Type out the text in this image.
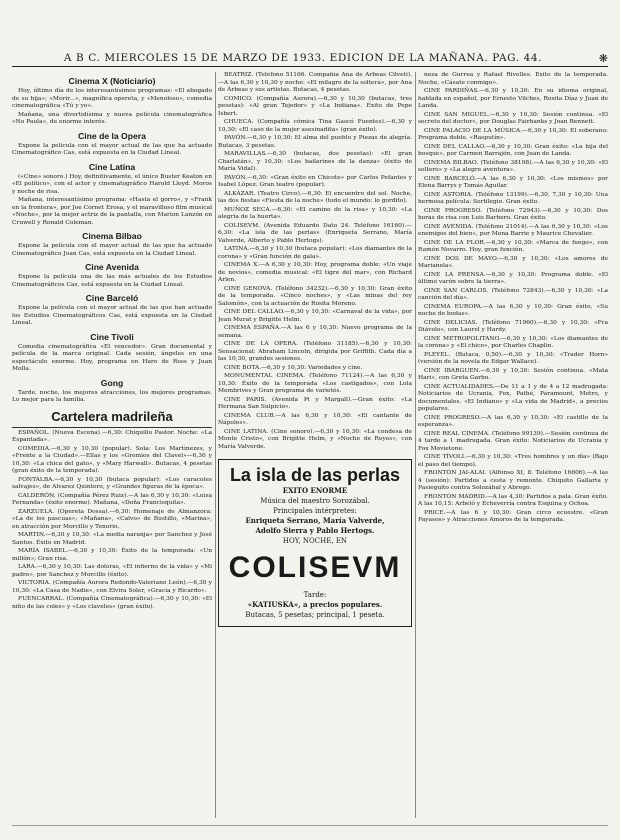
A B C. MIERCOLES 15 DE MARZO DE 1933. EDICION DE LA MAÑANA. PAG. 44.	❋
Cinema X (Noticiario)

Hoy, último día de los interesantísimos programas: «El abogado de su hija»; «Morir...», magnífica opereta, y «Menoloso», comedia cinematográfica «Tú y yo».

Mañana, una divertidísima y nueva película cinematográfica «No Paula», de enorme interés.

Cine de la Opera

Expone la película con el mayor actual de las que ha actuado Cinematográfico Cas, está expuesta en la Ciudad Lineal.

Cine Latina

(«Cine» sonoro.) Hoy, definitivamente, el único Buster Keaton en «El político», con el actor y cinematográfico Harold Lloyd. Moros y noche de risa.

Mañana, interesantísimo programa: «Hasta el gorro», y «Frank en la frontera», por Joe Cornet Erosa, y el maravilloso film musical «Noche», por la mejor actriz de la pantalla, con Marion Lanzón en Cruwell y Ronald Coleman.

Cinema Bilbao

Expone la película con el mayor actual de las que ha actuado Cinematográfico Joan Cas, está expuesta en la Ciudad Lineal.

Cine Avenida

Expone la película una de las más actuales de los Estudios Cinematográficos Cas, está expuesta en la Ciudad Lineal.

Cine Barceló

Expone la película con el mayor actual de las que han actuado los Estudios Cinematográficos Cas, está expuesta en la Ciudad Lineal.

Cine Tívoli

Comedia cinematográfica «El vencedor». Gran documental y película de la marca original. Cada sesión, ángeles en una espectáculo enorme. Hoy, programa en Haro de Ross y Juan Molla.

Gong

Tarde, noche, los mejores atracciones, los mejores programas. Lo mejor para la familia.

Cartelera madrileña

ESPAÑOL. (Nueva Escena).—6,30: Chiquillo Pastor. Noche: «La Espantada».

COMEDIA.—6,30 y 10,30 (popular). Sola: Los Martinezes, y «Frente a la Ciudad».—Ellas y los «Gremios del Clavel»—6,30 y 10,30: «La chica del gato», y «Mary Harwall». Butacas, 4 pesetas (gran éxito de la temporada).

FONTALBA.—6,30 y 10,30 (butaca popular): «Los caracoles salvajes», de Alvarez Quintero, y «Grandes figuras de la época».

CALDERÓN. (Compañía Pérez Ruiz).—A las 6,30 y 10,30: «Luisa Fernanda» (éxito enorme). Mañana, «Doña Francisquita».

ZARZUELA. (Opereta Dossa).—6,30: Homenaje de Almanzora: «La de los pascuas»; «Mañana», «Calvo» de Bustillo, «Marina», en atracción por Morcillo y Tenorio.

MARTIN.—6,30 y 10,30: «La media naranja» por Sanchez y José Santos. Éxito en Madrid.

MARÍA ISABEL.—6,30 y 10,30: Éxito de la temporada: «Un millón»; Gran risa.

LARA.—6,30 y 10,30: Las doloras, «El infierno de la vida» y «Mi padre», por Sanchez y Morcillo (éxito).

VICTORIA. (Compañía Aurora Redondo-Valeriano León).—6,30 y 10,30: «La Casa de Nadie», con Elvira Soler, «Gracia y Ricardo».

FUENCARRAL. (Compañía Cinematográfica).—6,30 y 10,30: «El niño de las coles» y «Los claveles» (gran éxito).

BEATRIZ. (Teléfono 51166. Compañía Ana de Árbeas Cilveti).—A las 6,30 y 10,30 y noche: «El milagro de la soltera», por Ana de Árbeas y sus artistas. Butacas, 4 pesetas.

COMICO. (Compañía Aurora).—6,30 y 10,30 (butacas, tres pesetas): «Al gran Tejedor» y «La Indiana». Éxito de Pepe Isbert.

CHUECA. (Compañía cómica Tina Gascó Fuentes).—6,30 y 10,30: «El caso de la mujer asesinadita» (gran éxito).

PAVÓN.—6,30 y 10,30: El alma del pueblo y Piezas de alegría. Butacas, 3 pesetas.

MARAVILLAS.—6,30 (butacas, dos pesetas): «El gran Charlatán», y 10,30: «Los bailarines de la danza» (éxito de María Vidal).

PAVÓN.—6,30: «Gran éxito en Chicote» por Carlos Pefantes y Isabel López. Gran teatro (popular).

ALKÁZAR. (Teatro Circo).—6,30: El encuentro del sol. Noche, las dos fiestas «Fiesta de la noche» (todo el mundo: lo gordito).

MUÑOZ SECA.—6,30: «El camino de la risa» y 10,30: «La alegría de la huerta».

COLISEVM. (Avenida Eduardo Dato 24. Teléfono 16160).—6,30: «La isla de las perlas» (Enriqueta Serrano, María Valverde, Alberto y Pablo Hertogs).

LATINA.—6,30 y 10,30 (butaca popular): «Los diamantes de la corona» y «Gran función de gala».

CINEMA X.—A 6,30 y 10,30: Hoy, programa doble: «Un viaje de novios», comedia musical: «El tigre del mar», con Richard Arlen.

CINE GENOVA. (Teléfono 34232).—6,30 y 10,30: Gran éxito de la temporada. «Cinco noches», y «Las minas del rey Salomón», con la actuación de Rosita Moreno.

CINE DEL CALLAO.—6,30 y 10,30: «Carnaval de la vida», por Jean Murat y Brigitte Helm.

CINEMA ESPAÑA.—A las 6 y 10,30: Nuevo programa de la semana.

CINE DE LA OPERA. (Teléfono 31185).—6,30 y 10,30: Sensacional: Abraham Lincoln, dirigida por Griffith. Cada día a las 10,30, grandes sesiones.

CINE BOTA.—6,30 y 10,30: Variedades y cine.

MONUMENTAL CINEMA. (Teléfono 71124).—A las 6,30 y 10,30: Éxito de la temporada «Los castigados», con Lola Membrives y Gran programa de varietés.

CINE PARIS. (Avenida Pi y Margall).—Gran éxito: «La Hermana San Sulpicio».

CINEMA CLUB.—A las 6,30 y 10,30: «El cantante de Nápoles».

CINE LATINA. (Cine sonoro).—6,30 y 10,30: «La condesa de Monte Cristo», con Brigitte Helm, y «Noche de Reyes», con María Valverde.

La isla de las perlas
EXITO ENORME
Música del maestro Sorozábal.
Principales intérpretes:
Enriqueta Serrano, María Valverde,
Adolfo Sierra y Pablo Hertogs.
HOY, NOCHE, EN
COLISEVM
Tarde:
«KATIUSKA», a precios populares.
Butacas, 5 pesetas; principal, 1 peseta.

neza de Gurrea y Rafael Rivelles. Éxito de la temporada. Noche, «Cásate conmigo».

CINE PARDIÑAS.—6,30 y 10,30: En su idioma original, hablada en español, por Ernesto Vilches, Rosita Díaz y Juan de Landa.

CINE SAN MIGUEL.—6,30 y 10,30: Sesión continua. «El secreto del doctor», por Douglas Fairbanks y Joan Bennett.

CINE PALACIO DE LA MÚSICA.—6,30 y 10,30: El soberano: Programa doble. «Rasputín».

CINE DEL CALLAO.—6,30 y 10,30: Gran éxito: «La hija del bosque», por Carmen Barrajón, con Juan de Landa.

CINEMA BILBAO. (Teléfono 38198).—A las 6,30 y 10,30: «El soltero» y «La alegre aventura».

CINE BARCELÓ.—A las 6,30 y 10,30: «Los mismos» por Elena Barrys y Tomás Aguilar.

CINE ASTORIA. (Teléfono 13199).—6,30, 7,30 y 10,30: Una hermosa película: Sortilegio. Gran éxito.

CINE PROGRESO. (Teléfono 72943).—6,30 y 10,30: Dos horas de risa con Luis Barbero. Gran éxito.

CINE AVENIDA. (Teléfono 21014).—A las 6,30 y 10,30: «Los enemigos del bien», por Mona Barrie y Maurice Chevalier.

CINE DE LA FLOR.—6,30 y 10,30: «Marca de fuego», con Ramón Novarro. Hoy, gran función.

CINE DOS DE MAYO.—6,30 y 10,30: «Los amores de Marianela».

CINE LA PRENSA.—6,30 y 10,30: Programa doble. «El último varón sobre la tierra».

CINE SAN CARLOS. (Teléfono 72843).—6,30 y 10,30: «La canción del día».

CINEMA EUROPA.—A las 6,30 y 10,30: Gran éxito, «Su noche de bodas».

CINE DELICIAS. (Teléfono 71960).—6,30 y 10,30: «Fra Diávolo», con Laurel y Hardy.

CINE METROPOLITANO.—6,30 y 10,30: «Los diamantes de la corona» y «El chico», por Charles Chaplin.

PLEYEL. (Butaca, 0,50).—6,30 y 10,30: «Trader Horn» (versión de la novela de Edgar Wallace).

CINE IBARGUEN.—6,30 y 10,30: Sesión continua. «Mata Hari», con Greta Garbo.

CINE ACTUALIDADES.—De 11 a 1 y de 4 a 12 madrugada: Noticiarios de Ucrania, Fox, Pathé, Paramount, Metro, y documentales. «El Indiano» y «La vida de Madrid», a precios populares.

CINE PROGRESO.—A las 6,30 y 10,30: «El castillo de la esperanza».

CINE REAL CINEMA. (Teléfono 99139).—Sesión continua de 4 tarde a 1 madrugada. Gran éxito: Noticiarios de Ucrania y Fox Movietone.

CINE TÍVOLI.—6,30 y 10,30: «Tres hombres y un día» (Bajo el paso del tiempo).

FRONTÓN JAI-ALAI. (Alfonso XI, 8. Teléfono 16606).—A las 4 (sesión): Partidos a cesta y remonte. Chiquito Gallarta y Pasieguito contra Solozábal y Abrego.

FRONTÓN MADRID.—A las 4,30: Partidos a pala. Gran éxito. A las 10,15: Arbeló y Echeverría contra Esquina y Ochoa.

PRICE.—A las 6 y 10,30: Gran circo ecuestre. «Gran Payasos» y Atracciones Amoros de la temporada.
